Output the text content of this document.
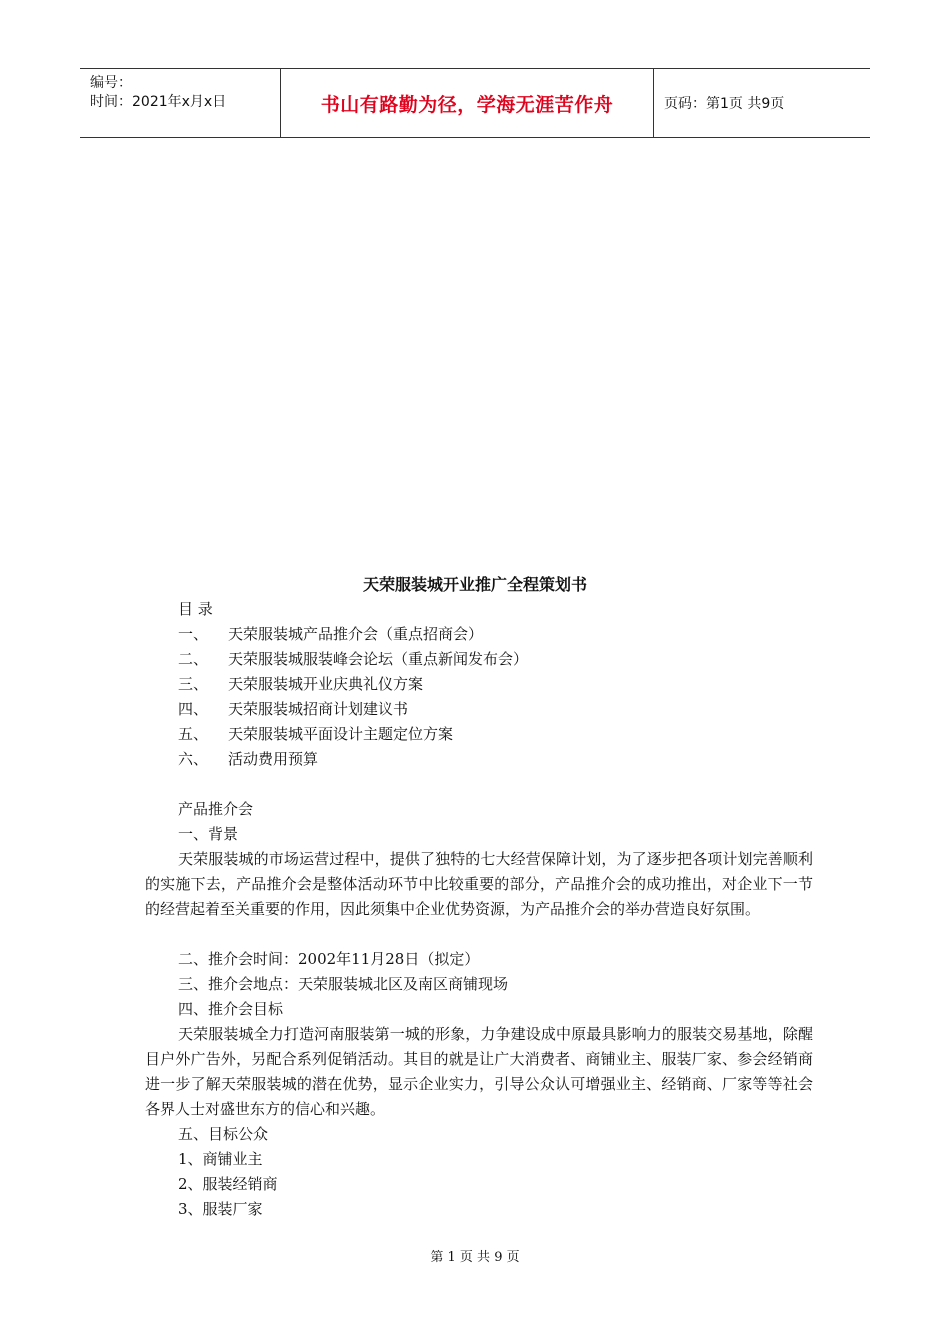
编号：
时间：2021年x月x日	书山有路勤为径，学海无涯苦作舟	页码：第1页 共9页
天荣服装城开业推广全程策划书
目 录
一、 天荣服装城产品推介会（重点招商会）
二、 天荣服装城服装峰会论坛（重点新闻发布会）
三、 天荣服装城开业庆典礼仪方案
四、 天荣服装城招商计划建议书
五、 天荣服装城平面设计主题定位方案
六、 活动费用预算
产品推介会
一、背景
天荣服装城的市场运营过程中，提供了独特的七大经营保障计划，为了逐步把各项计划完善顺利的实施下去，产品推介会是整体活动环节中比较重要的部分，产品推介会的成功推出，对企业下一节的经营起着至关重要的作用，因此须集中企业优势资源，为产品推介会的举办营造良好氛围。
二、推介会时间：2002年11月28日（拟定）
三、推介会地点：天荣服装城北区及南区商铺现场
四、推介会目标
天荣服装城全力打造河南服装第一城的形象，力争建设成中原最具影响力的服装交易基地，除醒目户外广告外，另配合系列促销活动。其目的就是让广大消费者、商铺业主、服装厂家、参会经销商进一步了解天荣服装城的潜在优势，显示企业实力，引导公众认可增强业主、经销商、厂家等等社会各界人士对盛世东方的信心和兴趣。
五、目标公众
1、商铺业主
2、服装经销商
3、服装厂家
第 1 页 共 9 页
